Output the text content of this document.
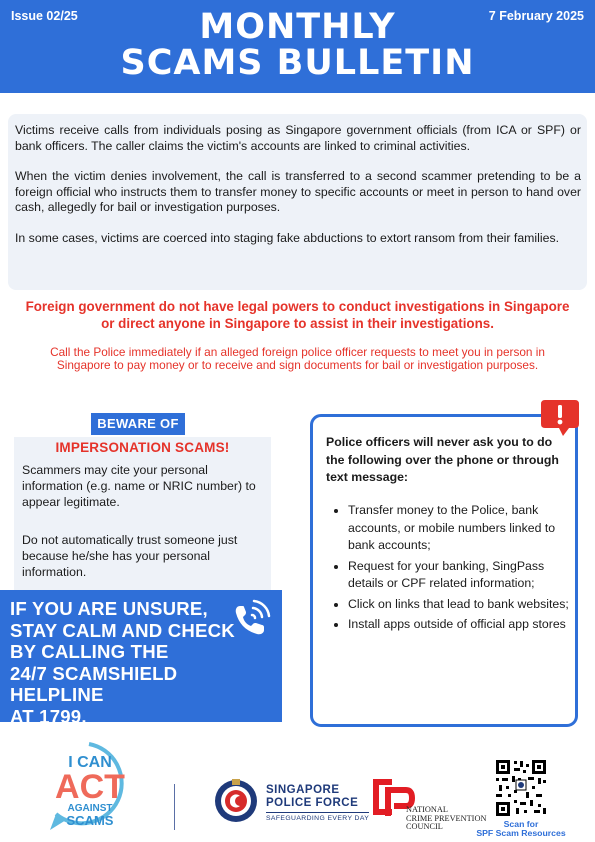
Issue 02/25	7 February 2025
MONTHLY
SCAMS BULLETIN

Victims receive calls from individuals posing as Singapore government officials (from ICA or SPF) or bank officers. The caller claims the victim's accounts are linked to criminal activities.

When the victim denies involvement, the call is transferred to a second scammer pretending to be a foreign official who instructs them to transfer money to specific accounts or meet in person to hand over cash, allegedly for bail or investigation purposes.

In some cases, victims are coerced into staging fake abductions to extort ransom from their families.

Foreign government do not have legal powers to conduct investigations in Singapore or direct anyone in Singapore to assist in their investigations.
Call the Police immediately if an alleged foreign police officer requests to meet you in person in Singapore to pay money or to receive and sign documents for bail or investigation purposes.
BEWARE OF
IMPERSONATION SCAMS!
Scammers may cite your personal information (e.g. name or NRIC number) to appear legitimate.
Do not automatically trust someone just because he/she has your personal information.
IF YOU ARE UNSURE,
STAY CALM AND CHECK
BY CALLING THE
24/7 SCAMSHIELD HELPLINE
AT 1799.
Police officers will never ask you to do the following over the phone or through text message:
• Transfer money to the Police, bank accounts, or mobile numbers linked to bank accounts;
• Request for your banking, SingPass details or CPF related information;
• Click on links that lead to bank websites;
• Install apps outside of official app stores
I CAN
ACT
AGAINST
SCAMS
SINGAPORE
POLICE FORCE
SAFEGUARDING EVERY DAY
NATIONAL
CRIME PREVENTION
COUNCIL	Scan for
SPF Scam Resources
